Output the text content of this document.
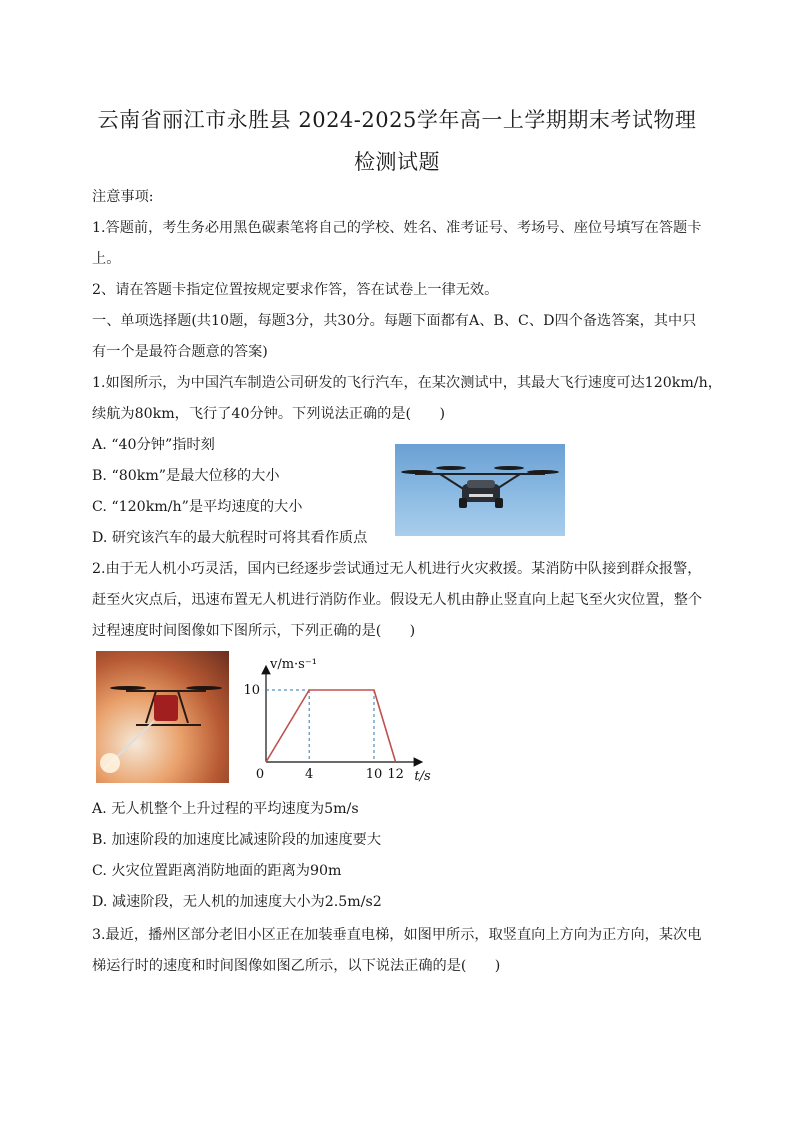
云南省丽江市永胜县 2024-2025学年高一上学期期末考试物理
检测试题
注意事项:
1.答题前，考生务必用黑色碳素笔将自己的学校、姓名、准考证号、考场号、座位号填写在答题卡
上。
2、请在答题卡指定位置按规定要求作答，答在试卷上一律无效。
一、单项选择题(共10题，每题3分，共30分。每题下面都有A、B、C、D四个备选答案，其中只
有一个是最符合题意的答案)
1.如图所示，为中国汽车制造公司研发的飞行汽车，在某次测试中，其最大飞行速度可达120km/h，
续航为80km，飞行了40分钟。下列说法正确的是(　　)
A. “40分钟”指时刻
B. “80km”是最大位移的大小
C. “120km/h”是平均速度的大小
D. 研究该汽车的最大航程时可将其看作质点
2.由于无人机小巧灵活，国内已经逐步尝试通过无人机进行火灾救援。某消防中队接到群众报警，
赶至火灾点后，迅速布置无人机进行消防作业。假设无人机由静止竖直向上起飞至火灾位置，整个
过程速度时间图像如下图所示，下列正确的是(　　)
0	4	10 12
10
t/s
v/m·s⁻¹
A. 无人机整个上升过程的平均速度为5m/s
B. 加速阶段的加速度比减速阶段的加速度要大
C. 火灾位置距离消防地面的距离为90m
D. 减速阶段，无人机的加速度大小为2.5m/s2
3.最近，播州区部分老旧小区正在加装垂直电梯，如图甲所示，取竖直向上方向为正方向，某次电
梯运行时的速度和时间图像如图乙所示，以下说法正确的是(　　)
